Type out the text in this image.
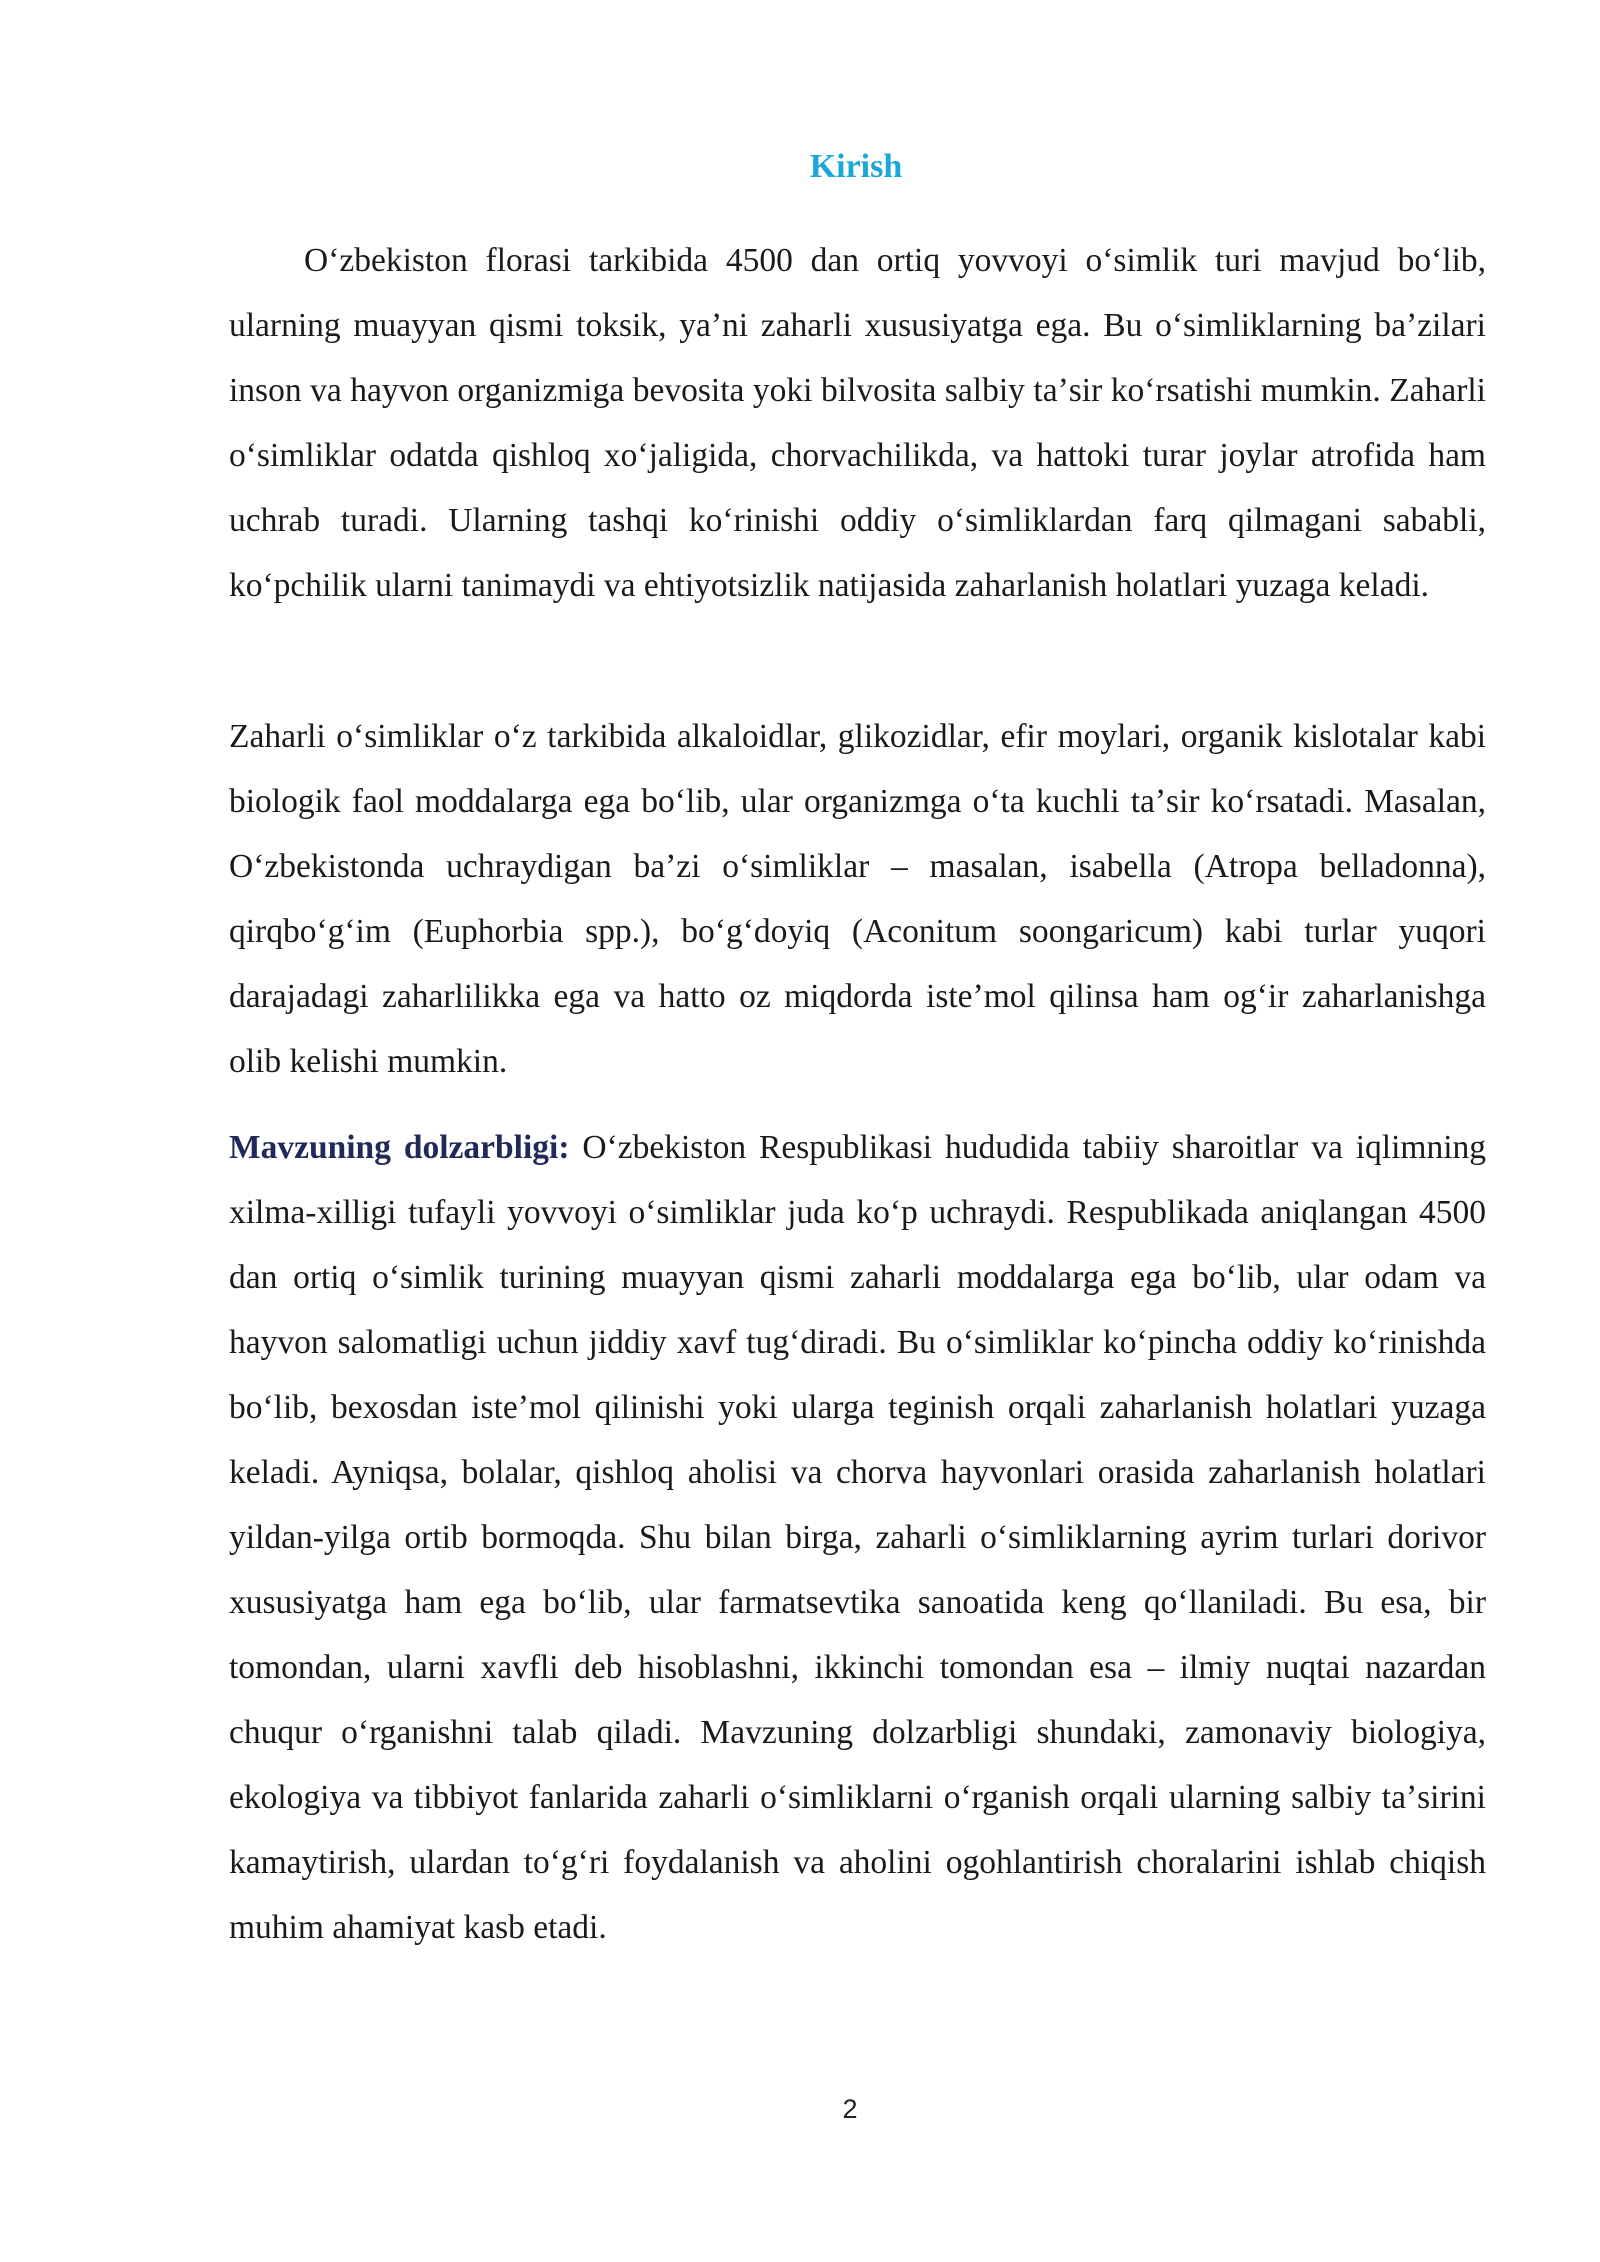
Kirish

Oʻzbekiston florasi tarkibida 4500 dan ortiq yovvoyi oʻsimlik turi mavjud boʻlib, ularning muayyan qismi toksik, yaʼni zaharli xususiyatga ega. Bu oʻsimliklarning baʼzilari inson va hayvon organizmiga bevosita yoki bilvosita salbiy taʼsir koʻrsatishi mumkin. Zaharli oʻsimliklar odatda qishloq xoʻjaligida, chorvachilikda, va hattoki turar joylar atrofida ham uchrab turadi. Ularning tashqi koʻrinishi oddiy oʻsimliklardan farq qilmagani sababli, koʻpchilik ularni tanimaydi va ehtiyotsizlik natijasida zaharlanish holatlari yuzaga keladi.

Zaharli oʻsimliklar oʻz tarkibida alkaloidlar, glikozidlar, efir moylari, organik kislotalar kabi biologik faol moddalarga ega boʻlib, ular organizmga oʻta kuchli taʼsir koʻrsatadi. Masalan, Oʻzbekistonda uchraydigan baʼzi oʻsimliklar – masalan, isabella (Atropa belladonna), qirqboʻgʻim (Euphorbia spp.), boʻgʻdoyiq (Aconitum soongaricum) kabi turlar yuqori darajadagi zaharlilikka ega va hatto oz miqdorda isteʼmol qilinsa ham ogʻir zaharlanishga olib kelishi mumkin.

Mavzuning dolzarbligi: Oʻzbekiston Respublikasi hududida tabiiy sharoitlar va iqlimning xilma-xilligi tufayli yovvoyi oʻsimliklar juda koʻp uchraydi. Respublikada aniqlangan 4500 dan ortiq oʻsimlik turining muayyan qismi zaharli moddalarga ega boʻlib, ular odam va hayvon salomatligi uchun jiddiy xavf tugʻdiradi. Bu oʻsimliklar koʻpincha oddiy koʻrinishda boʻlib, bexosdan isteʼmol qilinishi yoki ularga teginish orqali zaharlanish holatlari yuzaga keladi. Ayniqsa, bolalar, qishloq aholisi va chorva hayvonlari orasida zaharlanish holatlari yildan-yilga ortib bormoqda. Shu bilan birga, zaharli oʻsimliklarning ayrim turlari dorivor xususiyatga ham ega boʻlib, ular farmatsevtika sanoatida keng qoʻllaniladi. Bu esa, bir tomondan, ularni xavfli deb hisoblashni, ikkinchi tomondan esa – ilmiy nuqtai nazardan chuqur oʻrganishni talab qiladi. Mavzuning dolzarbligi shundaki, zamonaviy biologiya, ekologiya va tibbiyot fanlarida zaharli oʻsimliklarni oʻrganish orqali ularning salbiy taʼsirini kamaytirish, ulardan toʻgʻri foydalanish va aholini ogohlantirish choralarini ishlab chiqish muhim ahamiyat kasb etadi.

2
